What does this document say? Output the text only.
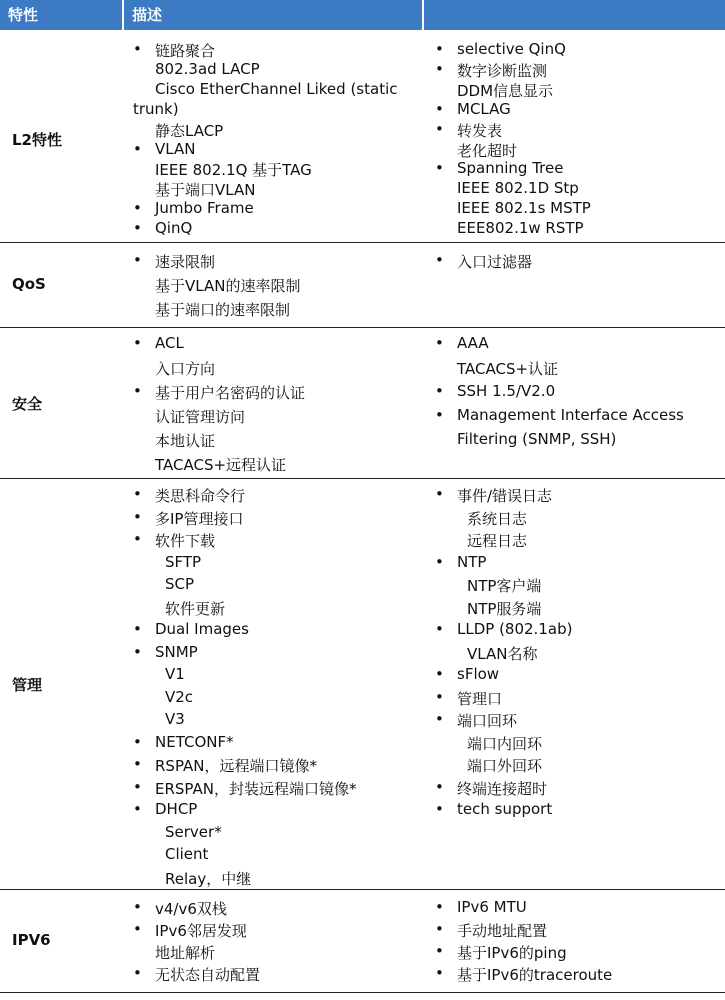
特性	描述
L2特性
• 链路聚合
802.3ad LACP
Cisco EtherChannel Liked (static
trunk)
静态LACP
• VLAN
IEEE 802.1Q 基于TAG
基于端口VLAN
• Jumbo Frame
• QinQ
• selective QinQ
• 数字诊断监测
DDM信息显示
• MCLAG
• 转发表
老化超时
• Spanning Tree
IEEE 802.1D Stp
IEEE 802.1s MSTP
EEE802.1w RSTP
QoS
• 速录限制
基于VLAN的速率限制
基于端口的速率限制
• 入口过滤器
安全
• ACL
入口方向
• 基于用户名密码的认证
认证管理访问
本地认证
TACACS+远程认证
• AAA
TACACS+认证
• SSH 1.5/V2.0
• Management Interface Access
Filtering (SNMP, SSH)
管理
• 类思科命令行
• 多IP管理接口
• 软件下载
SFTP
SCP
软件更新
• Dual Images
• SNMP
V1
V2c
V3
• NETCONF*
• RSPAN，远程端口镜像*
• ERSPAN，封装远程端口镜像*
• DHCP
Server*
Client
Relay，中继
• 事件/错误日志
系统日志
远程日志
• NTP
NTP客户端
NTP服务端
• LLDP (802.1ab)
VLAN名称
• sFlow
• 管理口
• 端口回环
端口内回环
端口外回环
• 终端连接超时
• tech support
IPV6
• v4/v6双栈
• IPv6邻居发现
地址解析
• 无状态自动配置
• IPv6 MTU
• 手动地址配置
• 基于IPv6的ping
• 基于IPv6的traceroute
